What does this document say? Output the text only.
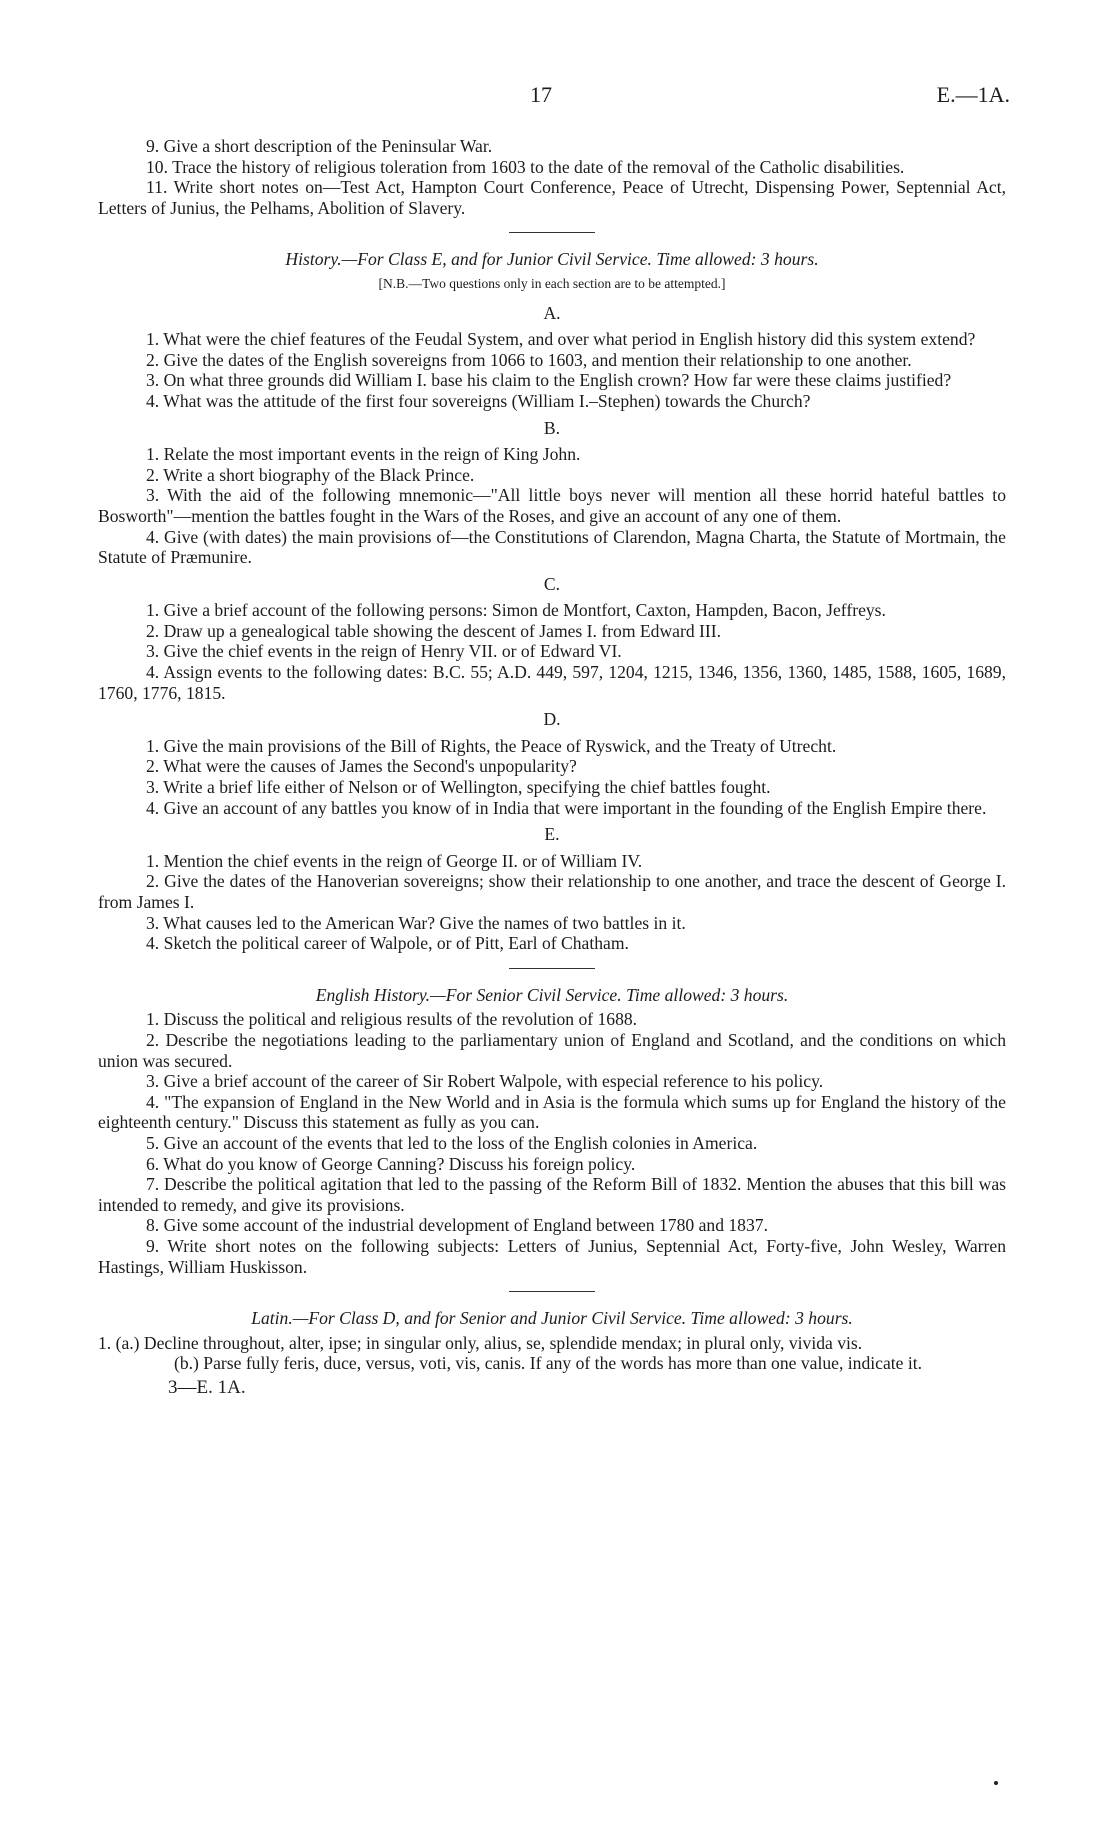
17	E.—1A.

9. Give a short description of the Peninsular War.

10. Trace the history of religious toleration from 1603 to the date of the removal of the Catholic disabilities.

11. Write short notes on—Test Act, Hampton Court Conference, Peace of Utrecht, Dispensing Power, Septennial Act, Letters of Junius, the Pelhams, Abolition of Slavery.

History.—For Class E, and for Junior Civil Service. Time allowed: 3 hours.
[N.B.—Two questions only in each section are to be attempted.]
A.

1. What were the chief features of the Feudal System, and over what period in English history did this system extend?

2. Give the dates of the English sovereigns from 1066 to 1603, and mention their relationship to one another.

3. On what three grounds did William I. base his claim to the English crown? How far were these claims justified?

4. What was the attitude of the first four sovereigns (William I.–Stephen) towards the Church?

B.

1. Relate the most important events in the reign of King John.

2. Write a short biography of the Black Prince.

3. With the aid of the following mnemonic—"All little boys never will mention all these horrid hateful battles to Bosworth"—mention the battles fought in the Wars of the Roses, and give an account of any one of them.

4. Give (with dates) the main provisions of—the Constitutions of Clarendon, Magna Charta, the Statute of Mortmain, the Statute of Præmunire.

C.

1. Give a brief account of the following persons: Simon de Montfort, Caxton, Hampden, Bacon, Jeffreys.

2. Draw up a genealogical table showing the descent of James I. from Edward III.

3. Give the chief events in the reign of Henry VII. or of Edward VI.

4. Assign events to the following dates: B.C. 55; A.D. 449, 597, 1204, 1215, 1346, 1356, 1360, 1485, 1588, 1605, 1689, 1760, 1776, 1815.

D.

1. Give the main provisions of the Bill of Rights, the Peace of Ryswick, and the Treaty of Utrecht.

2. What were the causes of James the Second's unpopularity?

3. Write a brief life either of Nelson or of Wellington, specifying the chief battles fought.

4. Give an account of any battles you know of in India that were important in the founding of the English Empire there.

E.

1. Mention the chief events in the reign of George II. or of William IV.

2. Give the dates of the Hanoverian sovereigns; show their relationship to one another, and trace the descent of George I. from James I.

3. What causes led to the American War? Give the names of two battles in it.

4. Sketch the political career of Walpole, or of Pitt, Earl of Chatham.

English History.—For Senior Civil Service. Time allowed: 3 hours.

1. Discuss the political and religious results of the revolution of 1688.

2. Describe the negotiations leading to the parliamentary union of England and Scotland, and the conditions on which union was secured.

3. Give a brief account of the career of Sir Robert Walpole, with especial reference to his policy.

4. "The expansion of England in the New World and in Asia is the formula which sums up for England the history of the eighteenth century." Discuss this statement as fully as you can.

5. Give an account of the events that led to the loss of the English colonies in America.

6. What do you know of George Canning? Discuss his foreign policy.

7. Describe the political agitation that led to the passing of the Reform Bill of 1832. Mention the abuses that this bill was intended to remedy, and give its provisions.

8. Give some account of the industrial development of England between 1780 and 1837.

9. Write short notes on the following subjects: Letters of Junius, Septennial Act, Forty-five, John Wesley, Warren Hastings, William Huskisson.

Latin.—For Class D, and for Senior and Junior Civil Service. Time allowed: 3 hours.

1. (a.) Decline throughout, alter, ipse; in singular only, alius, se, splendide mendax; in plural only, vivida vis.

(b.) Parse fully feris, duce, versus, voti, vis, canis. If any of the words has more than one value, indicate it.

3—E. 1A.
